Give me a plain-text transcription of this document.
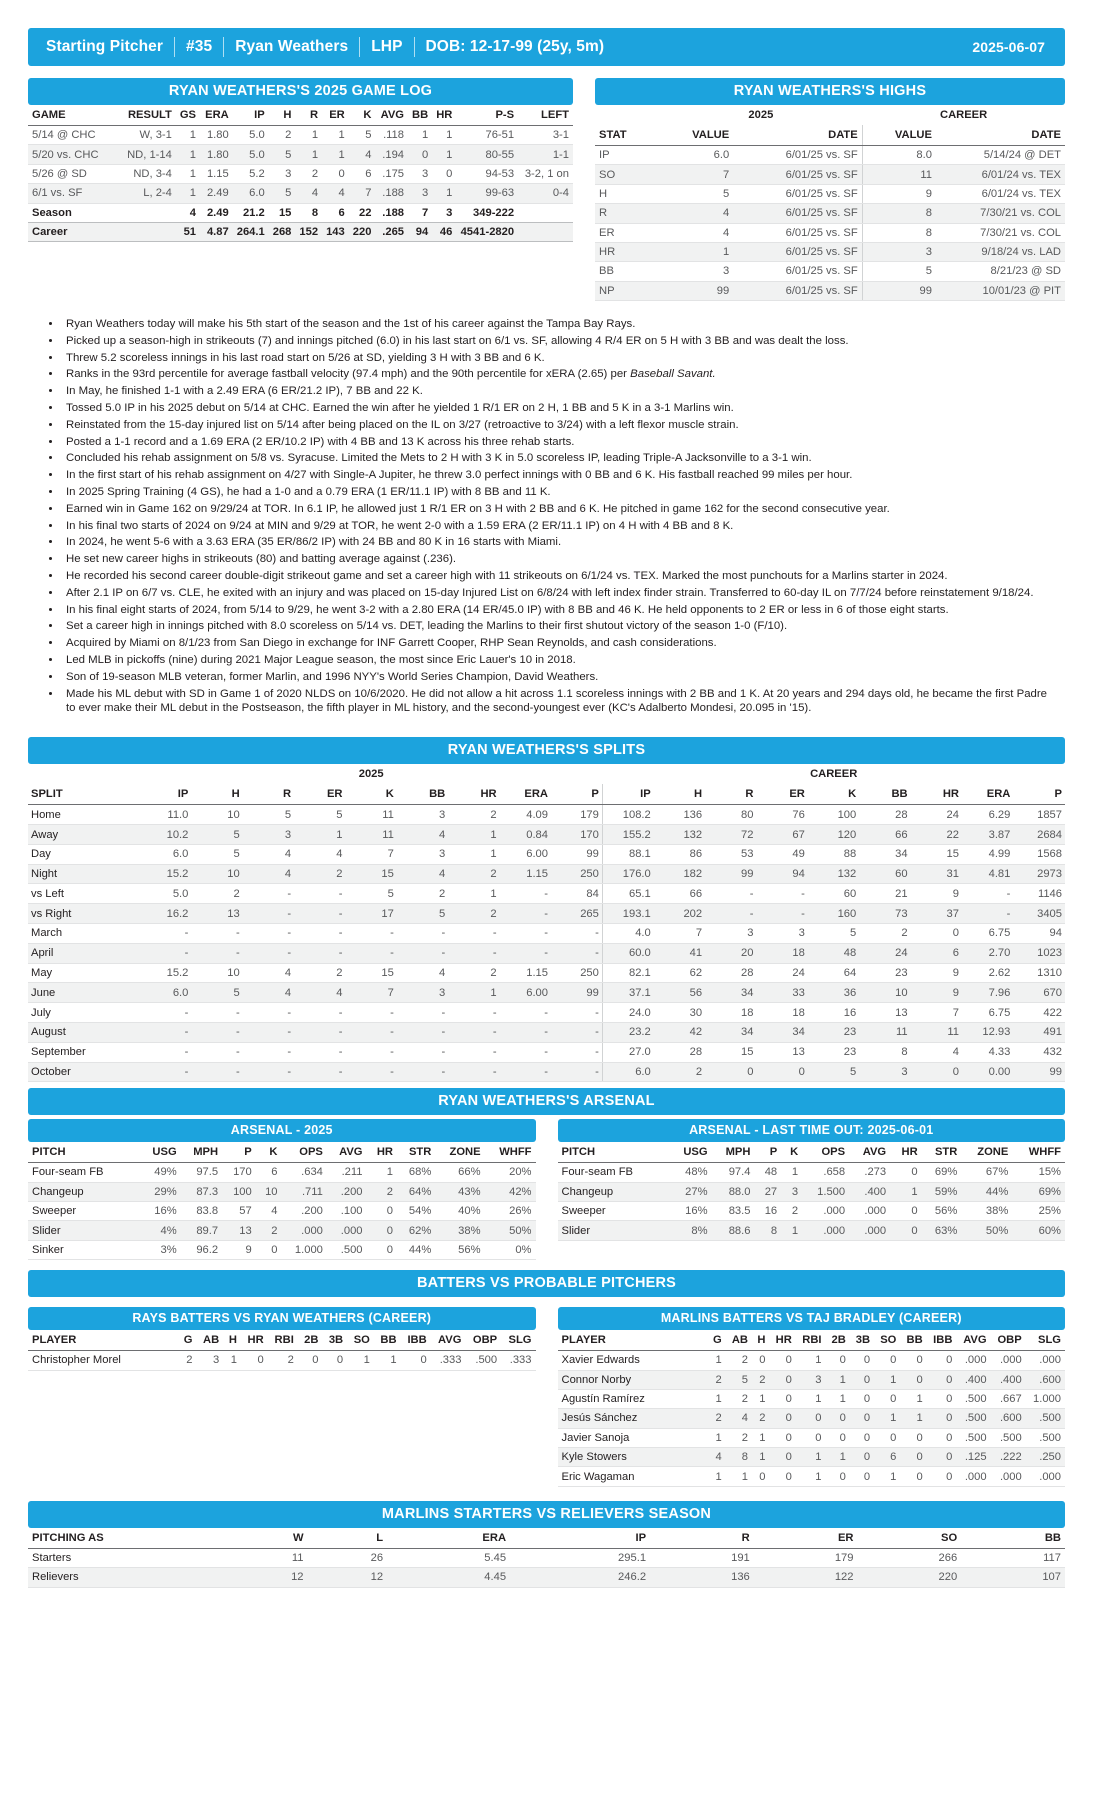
Starting Pitcher	#35	Ryan Weathers	LHP	DOB: 12-17-99 (25y, 5m)	2025-06-07
RYAN WEATHERS'S 2025 GAME LOG
GAME	RESULT	GS	ERA	IP	H	R	ER	K	AVG	BB	HR	P-S	LEFT
5/14 @ CHC	W, 3-1	1	1.80	5.0	2	1	1	5	.118	1	1	76-51	3-1
5/20 vs. CHC	ND, 1-14	1	1.80	5.0	5	1	1	4	.194	0	1	80-55	1-1
5/26 @ SD	ND, 3-4	1	1.15	5.2	3	2	0	6	.175	3	0	94-53	3-2, 1 on
6/1 vs. SF	L, 2-4	1	2.49	6.0	5	4	4	7	.188	3	1	99-63	0-4
Season		4	2.49	21.2	15	8	6	22	.188	7	3	349-222	
Career		51	4.87	264.1	268	152	143	220	.265	94	46	4541-2820	
RYAN WEATHERS'S HIGHS
	2025		CAREER	
STAT	VALUE	DATE	VALUE	DATE
IP	6.0	6/01/25 vs. SF	8.0	5/14/24 @ DET
SO	7	6/01/25 vs. SF	11	6/01/24 vs. TEX
H	5	6/01/25 vs. SF	9	6/01/24 vs. TEX
R	4	6/01/25 vs. SF	8	7/30/21 vs. COL
ER	4	6/01/25 vs. SF	8	7/30/21 vs. COL
HR	1	6/01/25 vs. SF	3	9/18/24 vs. LAD
BB	3	6/01/25 vs. SF	5	8/21/23 @ SD
NP	99	6/01/25 vs. SF	99	10/01/23 @ PIT
• Ryan Weathers today will make his 5th start of the season and the 1st of his career against the Tampa Bay Rays.
• Picked up a season-high in strikeouts (7) and innings pitched (6.0) in his last start on 6/1 vs. SF, allowing 4 R/4 ER on 5 H with 3 BB and was dealt the loss.
• Threw 5.2 scoreless innings in his last road start on 5/26 at SD, yielding 3 H with 3 BB and 6 K.
• Ranks in the 93rd percentile for average fastball velocity (97.4 mph) and the 90th percentile for xERA (2.65) per Baseball Savant.
• In May, he finished 1-1 with a 2.49 ERA (6 ER/21.2 IP), 7 BB and 22 K.
• Tossed 5.0 IP in his 2025 debut on 5/14 at CHC. Earned the win after he yielded 1 R/1 ER on 2 H, 1 BB and 5 K in a 3-1 Marlins win.
• Reinstated from the 15-day injured list on 5/14 after being placed on the IL on 3/27 (retroactive to 3/24) with a left flexor muscle strain.
• Posted a 1-1 record and a 1.69 ERA (2 ER/10.2 IP) with 4 BB and 13 K across his three rehab starts.
• Concluded his rehab assignment on 5/8 vs. Syracuse. Limited the Mets to 2 H with 3 K in 5.0 scoreless IP, leading Triple-A Jacksonville to a 3-1 win.
• In the first start of his rehab assignment on 4/27 with Single-A Jupiter, he threw 3.0 perfect innings with 0 BB and 6 K. His fastball reached 99 miles per hour.
• In 2025 Spring Training (4 GS), he had a 1-0 and a 0.79 ERA (1 ER/11.1 IP) with 8 BB and 11 K.
• Earned win in Game 162 on 9/29/24 at TOR. In 6.1 IP, he allowed just 1 R/1 ER on 3 H with 2 BB and 6 K. He pitched in game 162 for the second consecutive year.
• In his final two starts of 2024 on 9/24 at MIN and 9/29 at TOR, he went 2-0 with a 1.59 ERA (2 ER/11.1 IP) on 4 H with 4 BB and 8 K.
• In 2024, he went 5-6 with a 3.63 ERA (35 ER/86/2 IP) with 24 BB and 80 K in 16 starts with Miami.
• He set new career highs in strikeouts (80) and batting average against (.236).
• He recorded his second career double-digit strikeout game and set a career high with 11 strikeouts on 6/1/24 vs. TEX. Marked the most punchouts for a Marlins starter in 2024.
• After 2.1 IP on 6/7 vs. CLE, he exited with an injury and was placed on 15-day Injured List on 6/8/24 with left index finder strain. Transferred to 60-day IL on 7/7/24 before reinstatement 9/18/24.
• In his final eight starts of 2024, from 5/14 to 9/29, he went 3-2 with a 2.80 ERA (14 ER/45.0 IP) with 8 BB and 46 K. He held opponents to 2 ER or less in 6 of those eight starts.
• Set a career high in innings pitched with 8.0 scoreless on 5/14 vs. DET, leading the Marlins to their first shutout victory of the season 1-0 (F/10).
• Acquired by Miami on 8/1/23 from San Diego in exchange for INF Garrett Cooper, RHP Sean Reynolds, and cash considerations.
• Led MLB in pickoffs (nine) during 2021 Major League season, the most since Eric Lauer's 10 in 2018.
• Son of 19-season MLB veteran, former Marlin, and 1996 NYY's World Series Champion, David Weathers.
• Made his ML debut with SD in Game 1 of 2020 NLDS on 10/6/2020. He did not allow a hit across 1.1 scoreless innings with 2 BB and 1 K. At 20 years and 294 days old, he became the first Padre to ever make their ML debut in the Postseason, the fifth player in ML history, and the second-youngest ever (KC's Adalberto Mondesi, 20.095 in '15).
RYAN WEATHERS'S SPLITS
	2025									CAREER								
SPLIT	IP	H	R	ER	K	BB	HR	ERA	P	IP	H	R	ER	K	BB	HR	ERA	P
Home	11.0	10	5	5	11	3	2	4.09	179	108.2	136	80	76	100	28	24	6.29	1857
Away	10.2	5	3	1	11	4	1	0.84	170	155.2	132	72	67	120	66	22	3.87	2684
Day	6.0	5	4	4	7	3	1	6.00	99	88.1	86	53	49	88	34	15	4.99	1568
Night	15.2	10	4	2	15	4	2	1.15	250	176.0	182	99	94	132	60	31	4.81	2973
vs Left	5.0	2	-	-	5	2	1	-	84	65.1	66	-	-	60	21	9	-	1146
vs Right	16.2	13	-	-	17	5	2	-	265	193.1	202	-	-	160	73	37	-	3405
March	-	-	-	-	-	-	-	-	-	4.0	7	3	3	5	2	0	6.75	94
April	-	-	-	-	-	-	-	-	-	60.0	41	20	18	48	24	6	2.70	1023
May	15.2	10	4	2	15	4	2	1.15	250	82.1	62	28	24	64	23	9	2.62	1310
June	6.0	5	4	4	7	3	1	6.00	99	37.1	56	34	33	36	10	9	7.96	670
July	-	-	-	-	-	-	-	-	-	24.0	30	18	18	16	13	7	6.75	422
August	-	-	-	-	-	-	-	-	-	23.2	42	34	34	23	11	11	12.93	491
September	-	-	-	-	-	-	-	-	-	27.0	28	15	13	23	8	4	4.33	432
October	-	-	-	-	-	-	-	-	-	6.0	2	0	0	5	3	0	0.00	99
RYAN WEATHERS'S ARSENAL
ARSENAL - 2025
PITCH	USG	MPH	P	K	OPS	AVG	HR	STR	ZONE	WHFF
Four-seam FB	49%	97.5	170	6	.634	.211	1	68%	66%	20%
Changeup	29%	87.3	100	10	.711	.200	2	64%	43%	42%
Sweeper	16%	83.8	57	4	.200	.100	0	54%	40%	26%
Slider	4%	89.7	13	2	.000	.000	0	62%	38%	50%
Sinker	3%	96.2	9	0	1.000	.500	0	44%	56%	0%
ARSENAL - LAST TIME OUT: 2025-06-01
PITCH	USG	MPH	P	K	OPS	AVG	HR	STR	ZONE	WHFF
Four-seam FB	48%	97.4	48	1	.658	.273	0	69%	67%	15%
Changeup	27%	88.0	27	3	1.500	.400	1	59%	44%	69%
Sweeper	16%	83.5	16	2	.000	.000	0	56%	38%	25%
Slider	8%	88.6	8	1	.000	.000	0	63%	50%	60%
BATTERS VS PROBABLE PITCHERS
RAYS BATTERS VS RYAN WEATHERS (CAREER)
PLAYER	G	AB	H	HR	RBI	2B	3B	SO	BB	IBB	AVG	OBP	SLG
Christopher Morel	2	3	1	0	2	0	0	1	1	0	.333	.500	.333
MARLINS BATTERS VS TAJ BRADLEY (CAREER)
PLAYER	G	AB	H	HR	RBI	2B	3B	SO	BB	IBB	AVG	OBP	SLG
Xavier Edwards	1	2	0	0	1	0	0	0	0	0	.000	.000	.000
Connor Norby	2	5	2	0	3	1	0	1	0	0	.400	.400	.600
Agustín Ramírez	1	2	1	0	1	1	0	0	1	0	.500	.667	1.000
Jesús Sánchez	2	4	2	0	0	0	0	1	1	0	.500	.600	.500
Javier Sanoja	1	2	1	0	0	0	0	0	0	0	.500	.500	.500
Kyle Stowers	4	8	1	0	1	1	0	6	0	0	.125	.222	.250
Eric Wagaman	1	1	0	0	1	0	0	1	0	0	.000	.000	.000
MARLINS STARTERS VS RELIEVERS SEASON
PITCHING AS	W	L	ERA	IP	R	ER	SO	BB
Starters	11	26	5.45	295.1	191	179	266	117
Relievers	12	12	4.45	246.2	136	122	220	107
